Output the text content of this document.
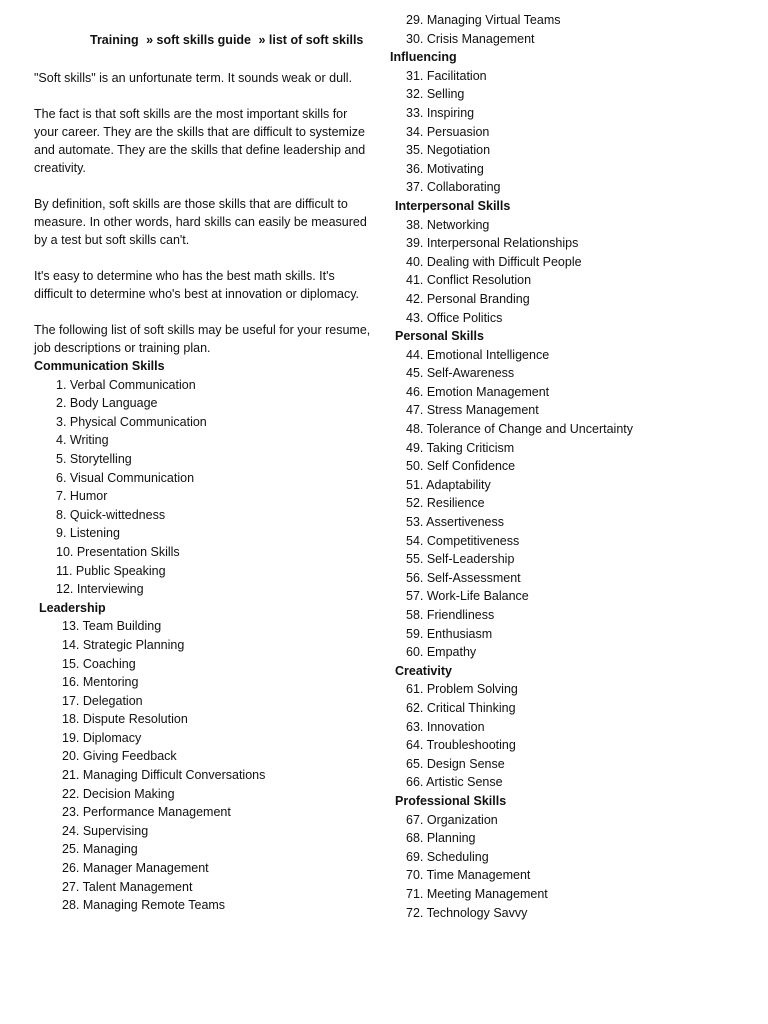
Training » soft skills guide » list of soft skills

"Soft skills" is an unfortunate term. It sounds weak or dull.

The fact is that soft skills are the most important skills for your career. They are the skills that are difficult to systemize and automate. They are the skills that define leadership and creativity.

By definition, soft skills are those skills that are difficult to measure. In other words, hard skills can easily be measured by a test but soft skills can't.

It's easy to determine who has the best math skills. It's difficult to determine who's best at innovation or diplomacy.

The following list of soft skills may be useful for your resume, job descriptions or training plan.

Communication Skills
1. Verbal Communication
2. Body Language
3. Physical Communication
4. Writing
5. Storytelling
6. Visual Communication
7. Humor
8. Quick-wittedness
9. Listening
10. Presentation Skills
11. Public Speaking
12. Interviewing
Leadership
13. Team Building
14. Strategic Planning
15. Coaching
16. Mentoring
17. Delegation
18. Dispute Resolution
19. Diplomacy
20. Giving Feedback
21. Managing Difficult Conversations
22. Decision Making
23. Performance Management
24. Supervising
25. Managing
26. Manager Management
27. Talent Management
28. Managing Remote Teams
29. Managing Virtual Teams
30. Crisis Management
Influencing
31. Facilitation
32. Selling
33. Inspiring
34. Persuasion
35. Negotiation
36. Motivating
37. Collaborating
Interpersonal Skills
38. Networking
39. Interpersonal Relationships
40. Dealing with Difficult People
41. Conflict Resolution
42. Personal Branding
43. Office Politics
Personal Skills
44. Emotional Intelligence
45. Self-Awareness
46. Emotion Management
47. Stress Management
48. Tolerance of Change and Uncertainty
49. Taking Criticism
50. Self Confidence
51. Adaptability
52. Resilience
53. Assertiveness
54. Competitiveness
55. Self-Leadership
56. Self-Assessment
57. Work-Life Balance
58. Friendliness
59. Enthusiasm
60. Empathy
Creativity
61. Problem Solving
62. Critical Thinking
63. Innovation
64. Troubleshooting
65. Design Sense
66. Artistic Sense
Professional Skills
67. Organization
68. Planning
69. Scheduling
70. Time Management
71. Meeting Management
72. Technology Savvy
